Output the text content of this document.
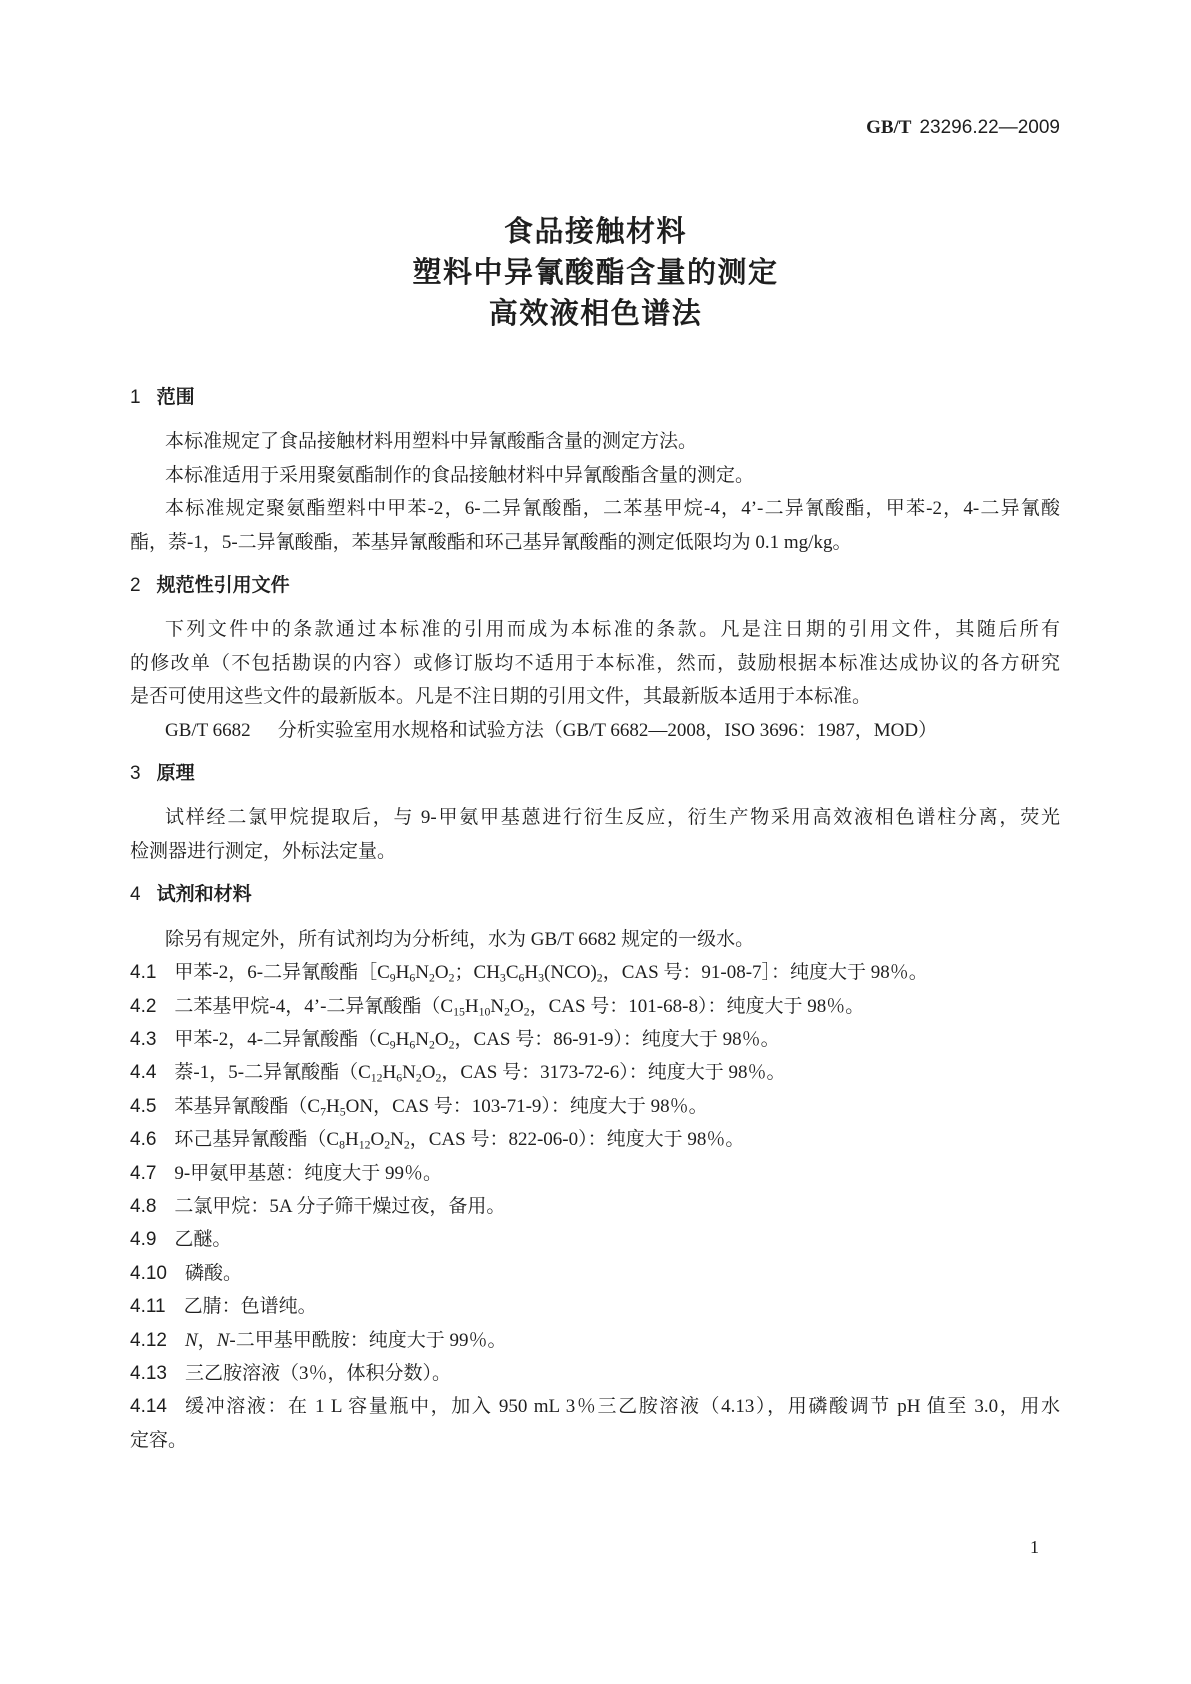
GB/T 23296.22—2009
食品接触材料
塑料中异氰酸酯含量的测定
高效液相色谱法
1 范围
本标准规定了食品接触材料用塑料中异氰酸酯含量的测定方法。
本标准适用于采用聚氨酯制作的食品接触材料中异氰酸酯含量的测定。
本标准规定聚氨酯塑料中甲苯-2，6-二异氰酸酯，二苯基甲烷-4，4’-二异氰酸酯，甲苯-2，4-二异氰酸
酯，萘-1，5-二异氰酸酯，苯基异氰酸酯和环己基异氰酸酯的测定低限均为 0.1 mg/kg。
2 规范性引用文件
下列文件中的条款通过本标准的引用而成为本标准的条款。凡是注日期的引用文件，其随后所有
的修改单（不包括勘误的内容）或修订版均不适用于本标准，然而，鼓励根据本标准达成协议的各方研究
是否可使用这些文件的最新版本。凡是不注日期的引用文件，其最新版本适用于本标准。
GB/T 6682 分析实验室用水规格和试验方法（GB/T 6682—2008，ISO 3696：1987，MOD）
3 原理
试样经二氯甲烷提取后，与 9-甲氨甲基蒽进行衍生反应，衍生产物采用高效液相色谱柱分离，荧光
检测器进行测定，外标法定量。
4 试剂和材料
除另有规定外，所有试剂均为分析纯，水为 GB/T 6682 规定的一级水。
4.1 甲苯-2，6-二异氰酸酯$[C_9H_6N_2O_2$；$CH_3C_6H_3(NCO)_2$，CAS 号：91-08-7］：纯度大于 98％。
4.2 二苯基甲烷-4，4’-二异氰酸酯（$C_{15}H_{10}N_2O_2$，CAS 号：101-68-8）：纯度大于 98％。
4.3 甲苯-2，4-二异氰酸酯（$C_9H_6N_2O_2$，CAS 号：86-91-9）：纯度大于 98％。
4.4 萘-1，5-二异氰酸酯（$C_{12}H_6N_2O_2$，CAS 号：3173-72-6）：纯度大于 98％。
4.5 苯基异氰酸酯（$C_7H_5ON$，CAS 号：103-71-9）：纯度大于 98％。
4.6 环己基异氰酸酯（$C_8H_{12}O_2N_2$，CAS 号：822-06-0）：纯度大于 98％。
4.7 9-甲氨甲基蒽：纯度大于 99％。
4.8 二氯甲烷：5A 分子筛干燥过夜，备用。
4.9 乙醚。
4.10 磷酸。
4.11 乙腈：色谱纯。
4.12 N，N-二甲基甲酰胺：纯度大于 99％。
4.13 三乙胺溶液（3％，体积分数）。
4.14 缓冲溶液：在 1 L 容量瓶中，加入 950 mL 3％三乙胺溶液（4.13），用磷酸调节 pH 值至 3.0，用水
定容。
1
